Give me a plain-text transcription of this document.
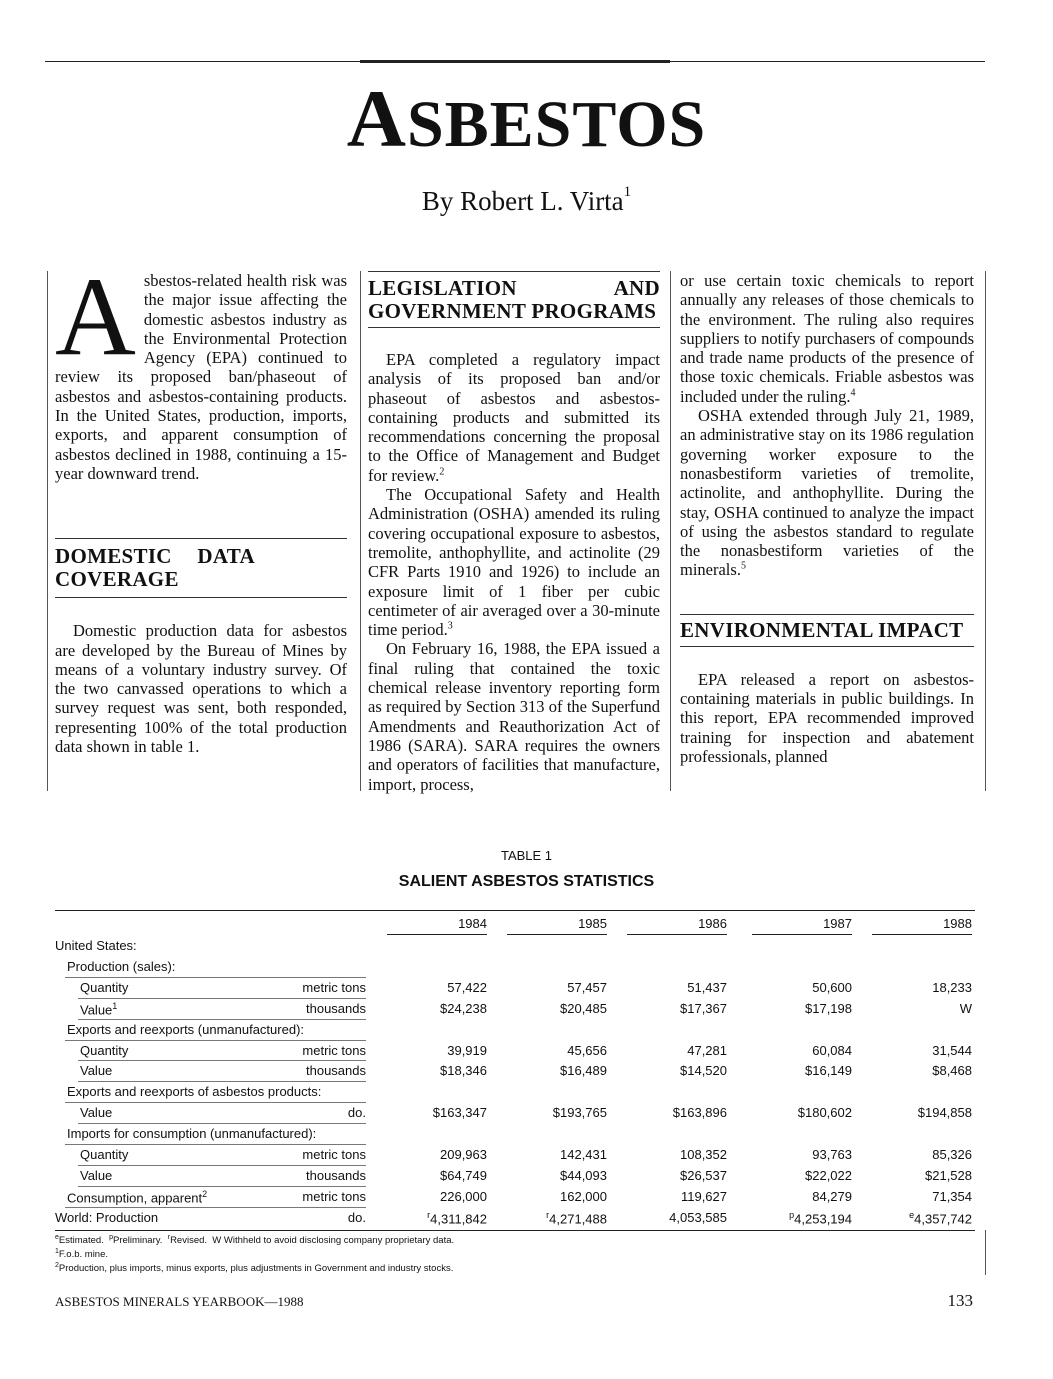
ASBESTOS
By Robert L. Virta$^1$

Asbestos-related health risk was the major issue affecting the domestic asbestos industry as the Environmental Protection Agency (EPA) continued to review its proposed ban/phaseout of asbestos and asbestos-containing products. In the United States, production, imports, exports, and apparent consumption of asbestos declined in 1988, continuing a 15-year downward trend.

DOMESTIC DATA COVERAGE

Domestic production data for asbestos are developed by the Bureau of Mines by means of a voluntary industry survey. Of the two canvassed operations to which a survey request was sent, both responded, representing 100% of the total production data shown in table 1.

LEGISLATION AND GOVERNMENT PROGRAMS

EPA completed a regulatory impact analysis of its proposed ban and/or phaseout of asbestos and asbestos-containing products and submitted its recommendations concerning the proposal to the Office of Management and Budget for review.$^2$

The Occupational Safety and Health Administration (OSHA) amended its ruling covering occupational exposure to asbestos, tremolite, anthophyllite, and actinolite (29 CFR Parts 1910 and 1926) to include an exposure limit of 1 fiber per cubic centimeter of air averaged over a 30-minute time period.$^3$

On February 16, 1988, the EPA issued a final ruling that contained the toxic chemical release inventory reporting form as required by Section 313 of the Superfund Amendments and Reauthorization Act of 1986 (SARA). SARA requires the owners and operators of facilities that manufacture, import, process,

or use certain toxic chemicals to report annually any releases of those chemicals to the environment. The ruling also requires suppliers to notify purchasers of compounds and trade name products of the presence of those toxic chemicals. Friable asbestos was included under the ruling.$^4$

OSHA extended through July 21, 1989, an administrative stay on its 1986 regulation governing worker exposure to the nonasbestiform varieties of tremolite, actinolite, and anthophyllite. During the stay, OSHA continued to analyze the impact of using the asbestos standard to regulate the nonasbestiform varieties of the minerals.$^5$

ENVIRONMENTAL IMPACT

EPA released a report on asbestos-containing materials in public buildings. In this report, EPA recommended improved training for inspection and abatement professionals, planned

TABLE 1
SALIENT ASBESTOS STATISTICS
1984	1985	1986	1987	1988
United States:
Production (sales):
Quantity	metric tons	57,422	57,457	51,437	50,600	18,233
Value$^1$	thousands	$24,238	$20,485	$17,367	$17,198	W
Exports and reexports (unmanufactured):
Quantity	metric tons	39,919	45,656	47,281	60,084	31,544
Value	thousands	$18,346	$16,489	$14,520	$16,149	$8,468
Exports and reexports of asbestos products:
Value	do.	$163,347	$193,765	$163,896	$180,602	$194,858
Imports for consumption (unmanufactured):
Quantity	metric tons	209,963	142,431	108,352	93,763	85,326
Value	thousands	$64,749	$44,093	$26,537	$22,022	$21,528
Consumption, apparent$^2$	metric tons	226,000	162,000	119,627	84,279	71,354
World: Production	do.	$^r$4,311,842	$^r$4,271,488	4,053,585	$^p$4,253,194	$^e$4,357,742
$^e$Estimated.  $^p$Preliminary.  $^r$Revised.  W Withheld to avoid disclosing company proprietary data.
$^1$F.o.b. mine.
$^2$Production, plus imports, minus exports, plus adjustments in Government and industry stocks.
ASBESTOS MINERALS YEARBOOK—1988	133
